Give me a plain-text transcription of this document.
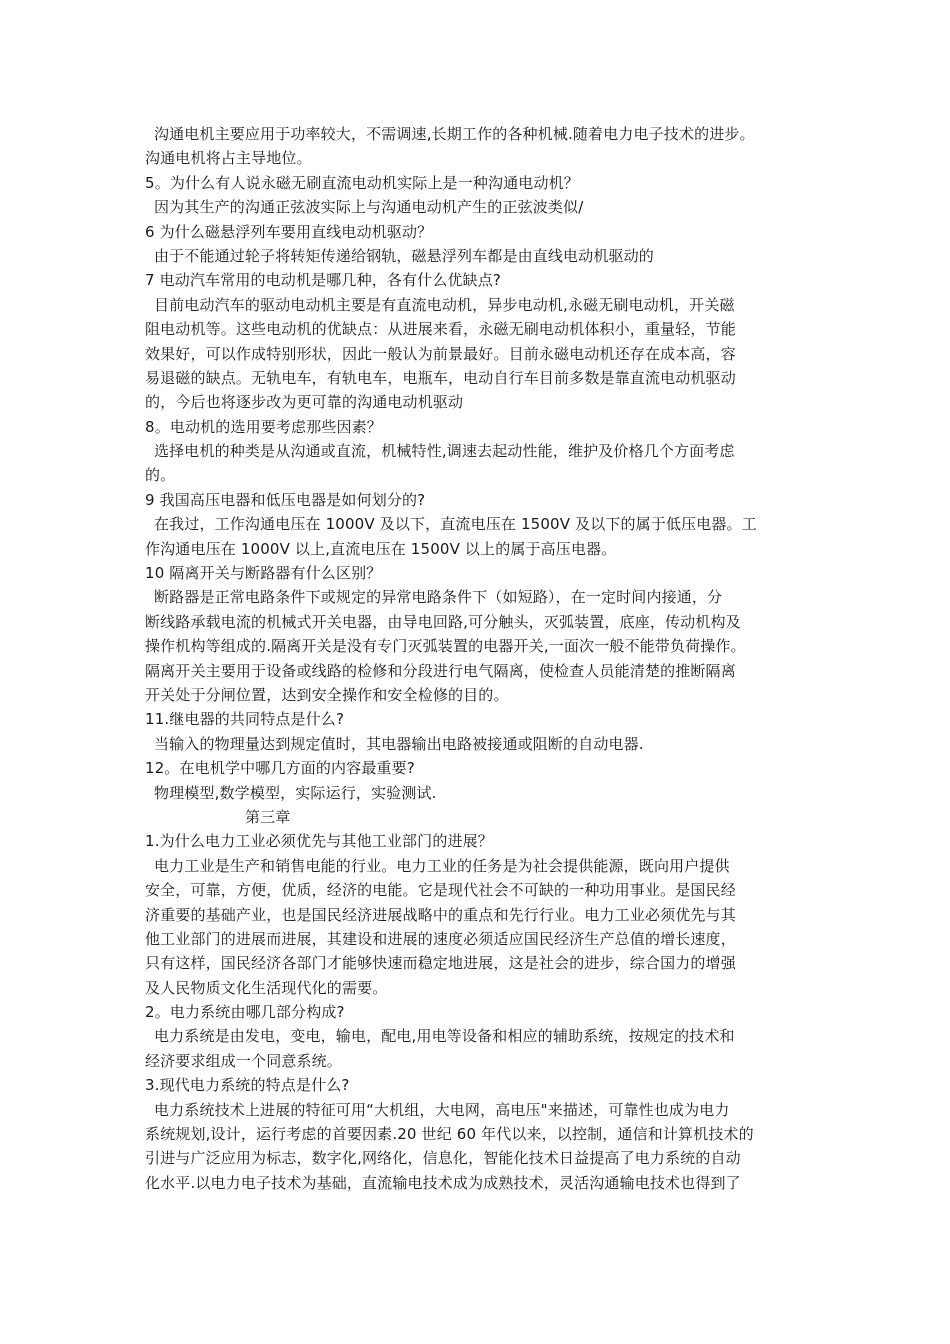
沟通电机主要应用于功率较大，不需调速,长期工作的各种机械.随着电力电子技术的进步。
沟通电机将占主导地位。
5。为什么有人说永磁无刷直流电动机实际上是一种沟通电动机？
因为其生产的沟通正弦波实际上与沟通电动机产生的正弦波类似/
6 为什么磁悬浮列车要用直线电动机驱动？
由于不能通过轮子将转矩传递给钢轨，磁悬浮列车都是由直线电动机驱动的
7 电动汽车常用的电动机是哪几种，各有什么优缺点?
目前电动汽车的驱动电动机主要是有直流电动机，异步电动机,永磁无刷电动机，开关磁
阻电动机等。这些电动机的优缺点：从进展来看，永磁无刷电动机体积小，重量轻，节能
效果好，可以作成特别形状，因此一般认为前景最好。目前永磁电动机还存在成本高，容
易退磁的缺点。无轨电车，有轨电车，电瓶车，电动自行车目前多数是靠直流电动机驱动
的，今后也将逐步改为更可靠的沟通电动机驱动
8。电动机的选用要考虑那些因素？
选择电机的种类是从沟通或直流，机械特性,调速去起动性能，维护及价格几个方面考虑
的。
9 我国高压电器和低压电器是如何划分的?
在我过，工作沟通电压在 1000V 及以下，直流电压在 1500V 及以下的属于低压电器。工
作沟通电压在 1000V 以上,直流电压在 1500V 以上的属于高压电器。
10 隔离开关与断路器有什么区别？
断路器是正常电路条件下或规定的异常电路条件下（如短路），在一定时间内接通，分
断线路承载电流的机械式开关电器，由导电回路,可分触头，灭弧装置，底座，传动机构及
操作机构等组成的.隔离开关是没有专门灭弧装置的电器开关,一面次一般不能带负荷操作。
隔离开关主要用于设备或线路的检修和分段进行电气隔离，使检查人员能清楚的推断隔离
开关处于分闸位置，达到安全操作和安全检修的目的。
11.继电器的共同特点是什么?
当输入的物理量达到规定值时，其电器输出电路被接通或阻断的自动电器.
12。在电机学中哪几方面的内容最重要?
物理模型,数学模型，实际运行，实验测试.
第三章
1.为什么电力工业必须优先与其他工业部门的进展？
电力工业是生产和销售电能的行业。电力工业的任务是为社会提供能源，既向用户提供
安全，可靠，方便，优质，经济的电能。它是现代社会不可缺的一种功用事业。是国民经
济重要的基础产业，也是国民经济进展战略中的重点和先行行业。电力工业必须优先与其
他工业部门的进展而进展，其建设和进展的速度必须适应国民经济生产总值的增长速度，
只有这样，国民经济各部门才能够快速而稳定地进展，这是社会的进步，综合国力的增强
及人民物质文化生活现代化的需要。
2。电力系统由哪几部分构成?
电力系统是由发电，变电，输电，配电,用电等设备和相应的辅助系统，按规定的技术和
经济要求组成一个同意系统。
3.现代电力系统的特点是什么?
电力系统技术上进展的特征可用“大机组，大电网，高电压"来描述，可靠性也成为电力
系统规划,设计，运行考虑的首要因素.20 世纪 60 年代以来，以控制，通信和计算机技术的
引进与广泛应用为标志，数字化,网络化，信息化，智能化技术日益提高了电力系统的自动
化水平.以电力电子技术为基础，直流输电技术成为成熟技术，灵活沟通输电技术也得到了
